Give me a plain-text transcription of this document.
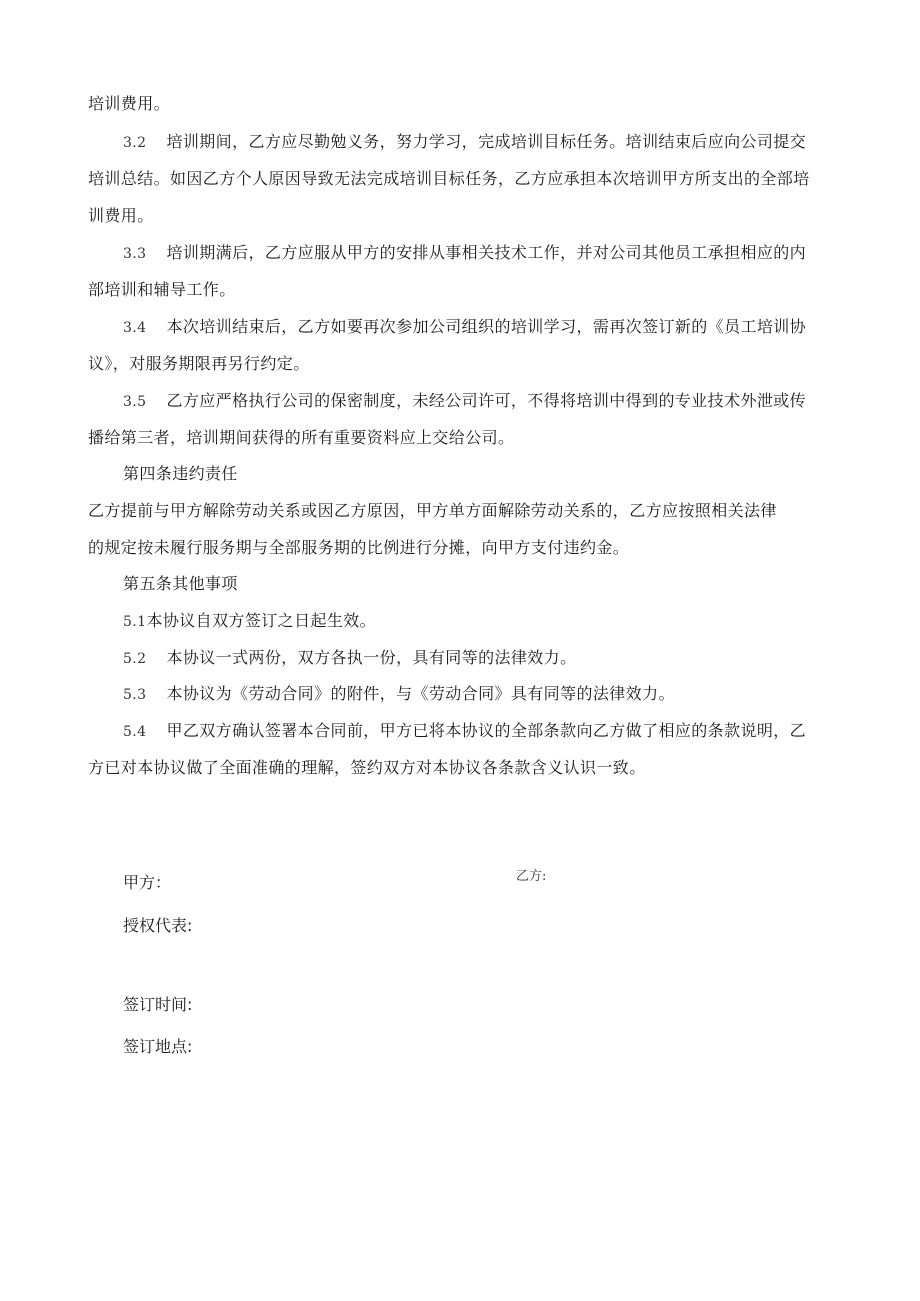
培训费用。
3.2 培训期间，乙方应尽勤勉义务，努力学习，完成培训目标任务。培训结束后应向公司提交
培训总结。如因乙方个人原因导致无法完成培训目标任务，乙方应承担本次培训甲方所支出的全部培
训费用。
3.3 培训期满后，乙方应服从甲方的安排从事相关技术工作，并对公司其他员工承担相应的内
部培训和辅导工作。
3.4 本次培训结束后，乙方如要再次参加公司组织的培训学习，需再次签订新的《员工培训协
议》，对服务期限再另行约定。
3.5 乙方应严格执行公司的保密制度，未经公司许可，不得将培训中得到的专业技术外泄或传
播给第三者，培训期间获得的所有重要资料应上交给公司。
第四条违约责任
乙方提前与甲方解除劳动关系或因乙方原因，甲方单方面解除劳动关系的，乙方应按照相关法律
的规定按未履行服务期与全部服务期的比例进行分摊，向甲方支付违约金。
第五条其他事项
5.1本协议自双方签订之日起生效。
5.2 本协议一式两份，双方各执一份，具有同等的法律效力。
5.3 本协议为《劳动合同》的附件，与《劳动合同》具有同等的法律效力。
5.4 甲乙双方确认签署本合同前，甲方已将本协议的全部条款向乙方做了相应的条款说明，乙
方已对本协议做了全面准确的理解，签约双方对本协议各条款含义认识一致。
甲方：	乙方:
授权代表:
签订时间:
签订地点:
